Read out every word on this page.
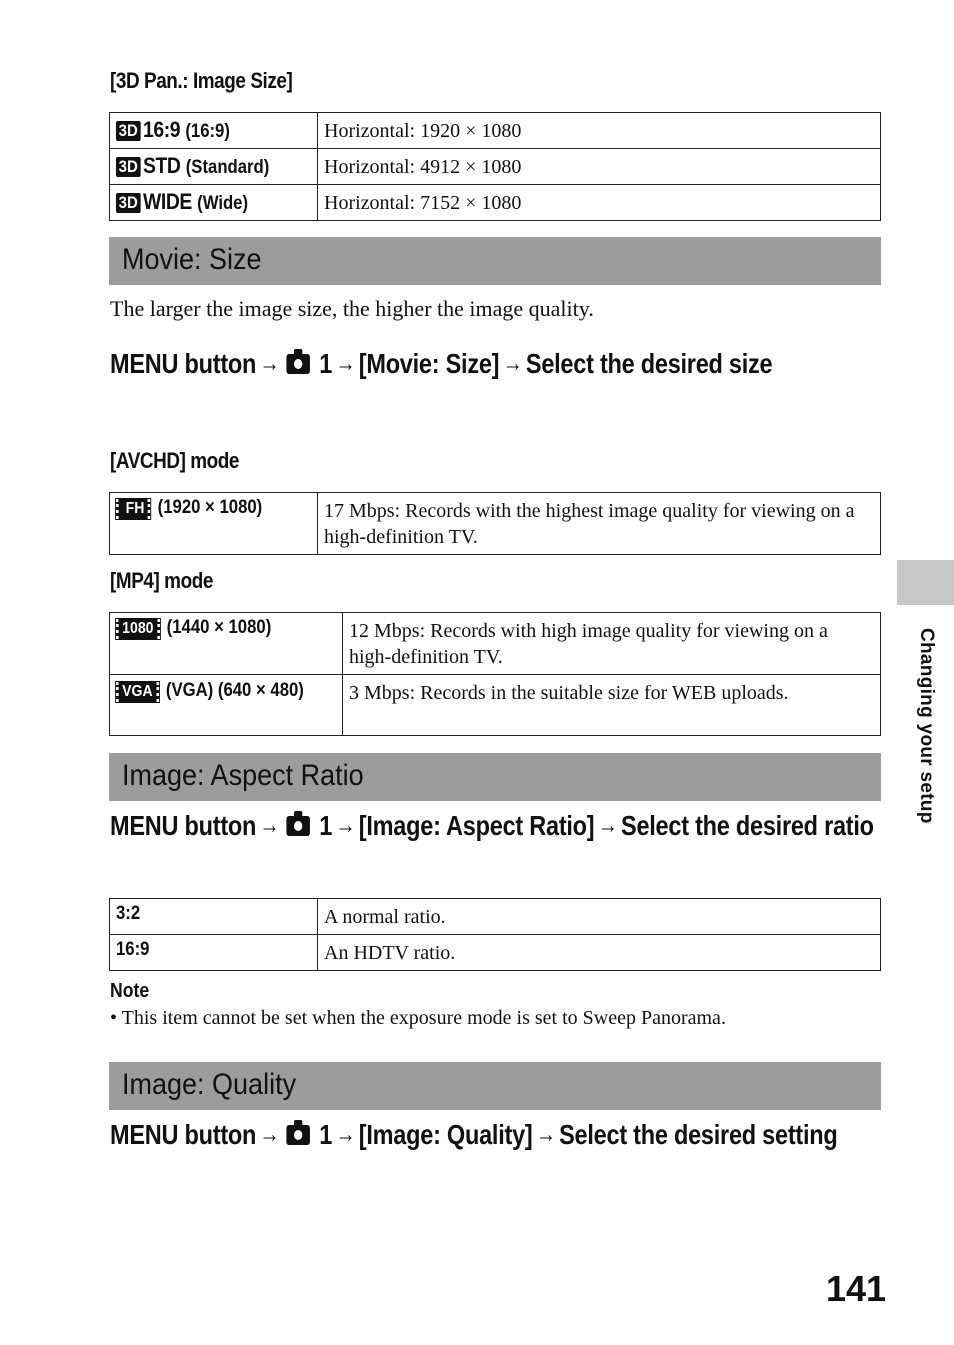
[3D Pan.: Image Size]
3D 16:9 (16:9)	Horizontal: 1920 × 1080
3D STD (Standard)	Horizontal: 4912 × 1080
3D WIDE (Wide)	Horizontal: 7152 × 1080
Movie: Size
The larger the image size, the higher the image quality.
MENU button → 1 → [Movie: Size] → Select the desired size
[AVCHD] mode
FH (1920 × 1080)	17 Mbps: Records with the highest image quality for viewing on a high-definition TV.
[MP4] mode
1080 (1440 × 1080)	12 Mbps: Records with high image quality for viewing on a high-definition TV.
VGA (VGA) (640 × 480)	3 Mbps: Records in the suitable size for WEB uploads.
Image: Aspect Ratio
MENU button → 1 → [Image: Aspect Ratio] → Select the desired ratio
3:2	A normal ratio.
16:9	An HDTV ratio.
Note
• This item cannot be set when the exposure mode is set to Sweep Panorama.
Image: Quality
MENU button → 1 → [Image: Quality] → Select the desired setting
Changing your setup
141
